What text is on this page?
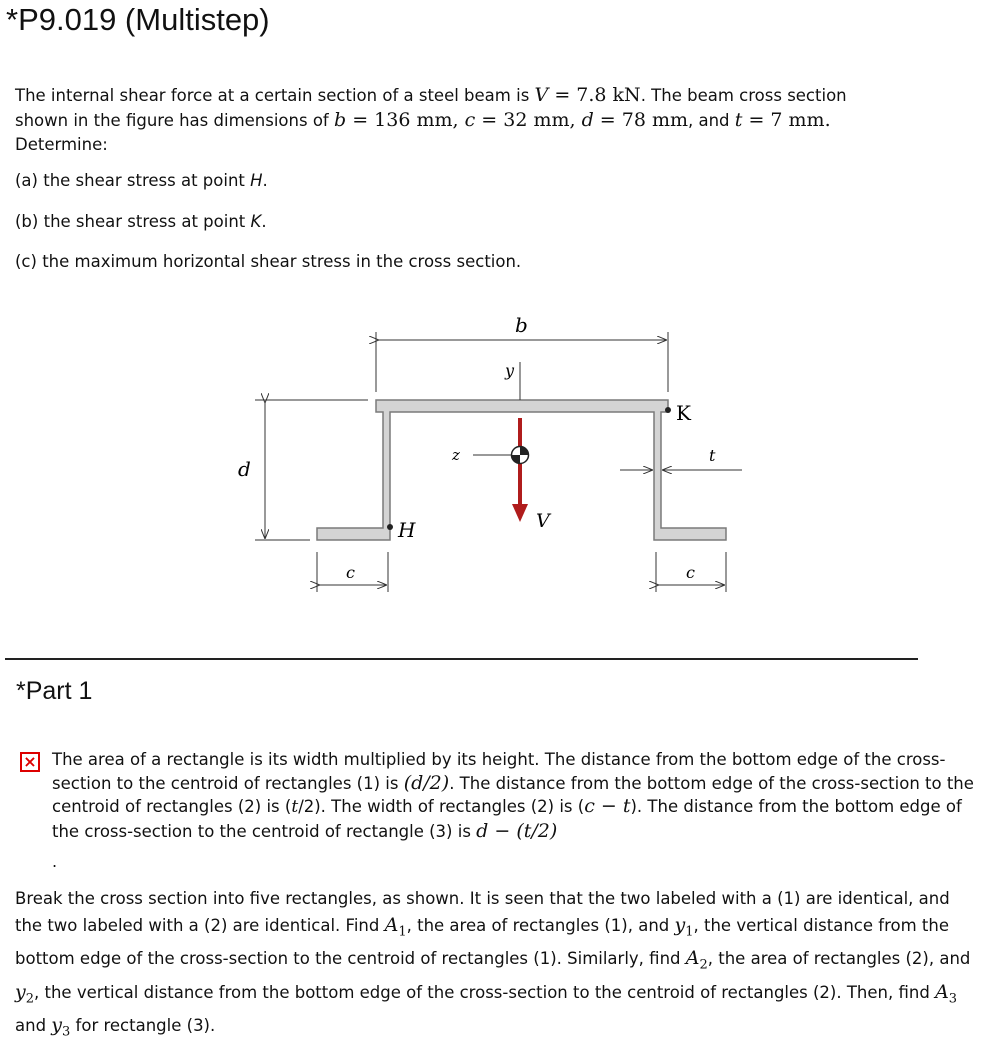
*P9.019 (Multistep)
The internal shear force at a certain section of a steel beam is V = 7.8 kN. The beam cross section
shown in the figure has dimensions of b = 136 mm, c = 32 mm, d = 78 mm, and t = 7 mm.
Determine:
(a) the shear stress at point H.
(b) the shear stress at point K.
(c) the maximum horizontal shear stress in the cross section.
b
y
z
V
K
H
t
d
c	c
*Part 1
× The area of a rectangle is its width multiplied by its height. The distance from the bottom edge of the cross-section to the centroid of rectangles (1) is (d/2). The distance from the bottom edge of the cross-section to the centroid of rectangles (2) is (t/2). The width of rectangles (2) is (c − t). The distance from the bottom edge of the cross-section to the centroid of rectangle (3) is d − (t/2)
.
Break the cross section into five rectangles, as shown. It is seen that the two labeled with a (1) are identical, and the two labeled with a (2) are identical. Find $A_1$, the area of rectangles (1), and $y_1$, the vertical distance from the bottom edge of the cross-section to the centroid of rectangles (1). Similarly, find $A_2$, the area of rectangles (2), and $y_2$, the vertical distance from the bottom edge of the cross-section to the centroid of rectangles (2). Then, find $A_3$ and $y_3$ for rectangle (3).
